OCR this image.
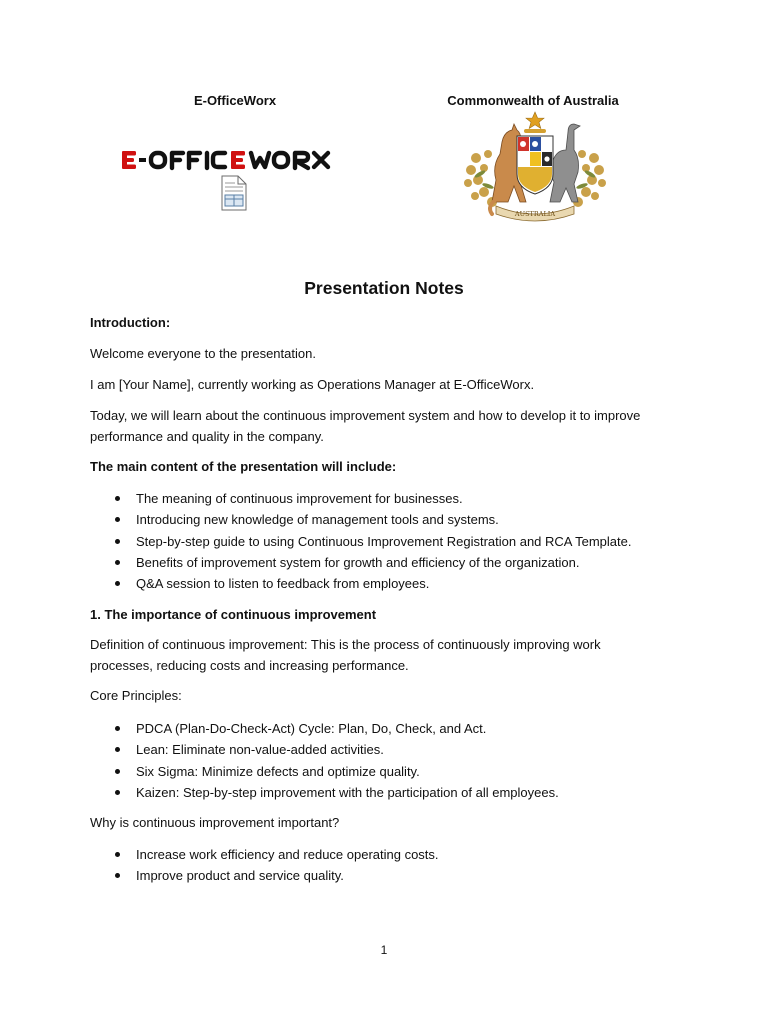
E-OfficeWorx	Commonwealth of Australia
AUSTRALIA
Presentation Notes
Introduction:
Welcome everyone to the presentation.
I am [Your Name], currently working as Operations Manager at E-OfficeWorx.
Today, we will learn about the continuous improvement system and how to develop it to improve performance and quality in the company.
The main content of the presentation will include:
The meaning of continuous improvement for businesses.
Introducing new knowledge of management tools and systems.
Step-by-step guide to using Continuous Improvement Registration and RCA Template.
Benefits of improvement system for growth and efficiency of the organization.
Q&A session to listen to feedback from employees.
1. The importance of continuous improvement
Definition of continuous improvement: This is the process of continuously improving work processes, reducing costs and increasing performance.
Core Principles:
PDCA (Plan-Do-Check-Act) Cycle: Plan, Do, Check, and Act.
Lean: Eliminate non-value-added activities.
Six Sigma: Minimize defects and optimize quality.
Kaizen: Step-by-step improvement with the participation of all employees.
Why is continuous improvement important?
Increase work efficiency and reduce operating costs.
Improve product and service quality.
1
